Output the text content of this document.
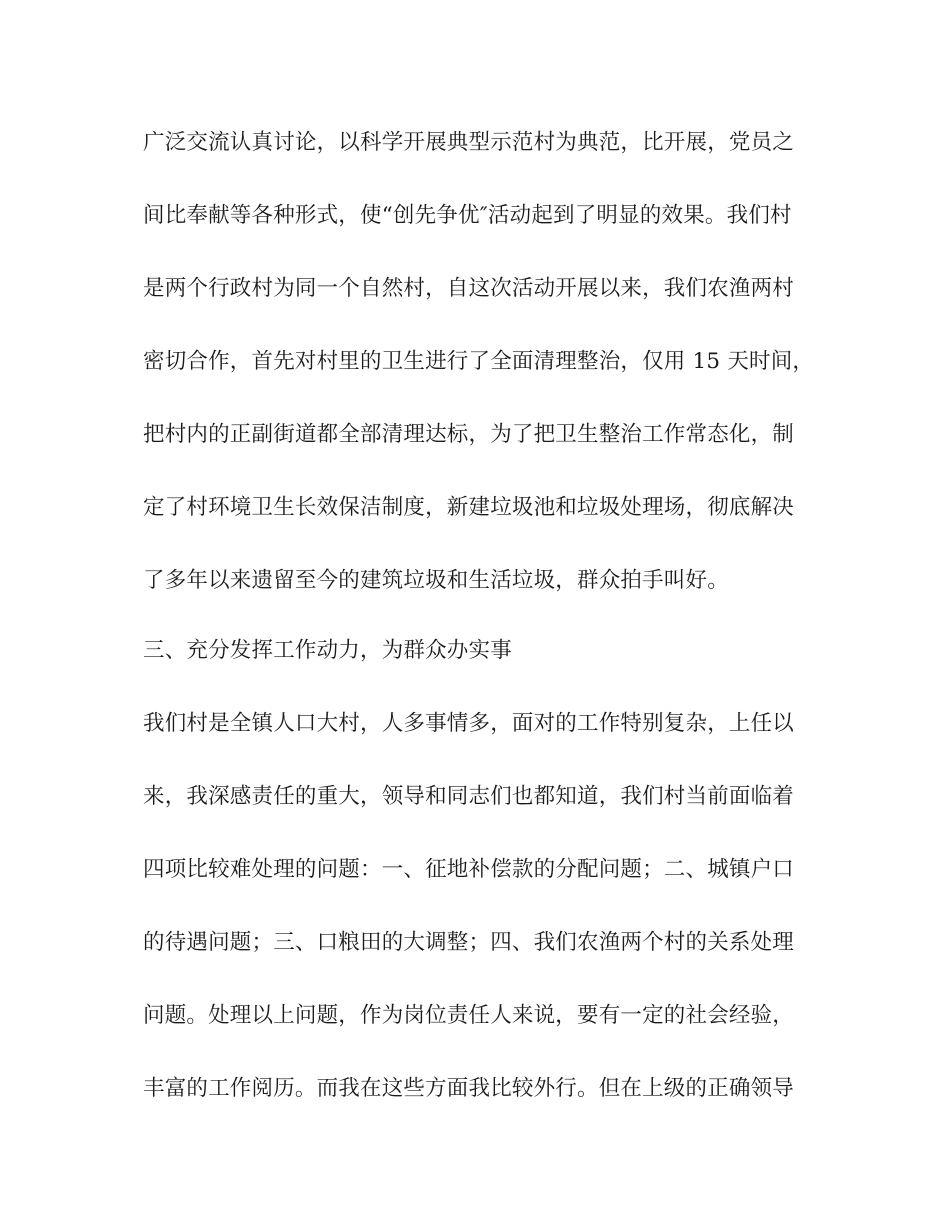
广泛交流认真讨论，以科学开展典型示范村为典范，比开展，党员之
间比奉献等各种形式，使“创先争优″活动起到了明显的效果。我们村
是两个行政村为同一个自然村，自这次活动开展以来，我们农渔两村
密切合作，首先对村里的卫生进行了全面清理整治，仅用 15 天时间，
把村内的正副街道都全部清理达标，为了把卫生整治工作常态化，制
定了村环境卫生长效保洁制度，新建垃圾池和垃圾处理场，彻底解决
了多年以来遗留至今的建筑垃圾和生活垃圾，群众拍手叫好。
三、充分发挥工作动力，为群众办实事
我们村是全镇人口大村，人多事情多，面对的工作特别复杂，上任以
来，我深感责任的重大，领导和同志们也都知道，我们村当前面临着
四项比较难处理的问题：一、征地补偿款的分配问题；二、城镇户口
的待遇问题；三、口粮田的大调整；四、我们农渔两个村的关系处理
问题。处理以上问题，作为岗位责任人来说，要有一定的社会经验，
丰富的工作阅历。而我在这些方面我比较外行。但在上级的正确领导
